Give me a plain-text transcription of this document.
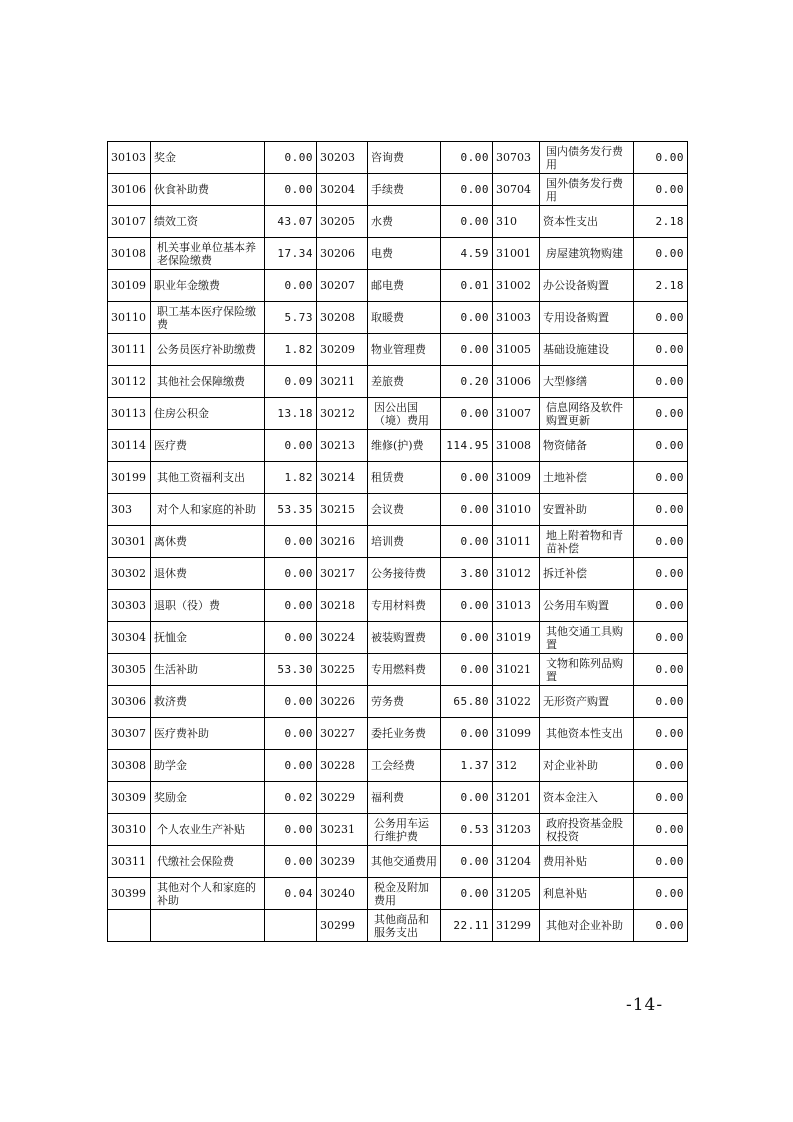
30103	奖金	0.00	30203	咨询费	0.00	30703	国内债务发行费用	0.00
30106	伙食补助费	0.00	30204	手续费	0.00	30704	国外债务发行费用	0.00
30107	绩效工资	43.07	30205	水费	0.00	310	资本性支出	2.18
30108	机关事业单位基本养老保险缴费	17.34	30206	电费	4.59	31001	房屋建筑物购建	0.00
30109	职业年金缴费	0.00	30207	邮电费	0.01	31002	办公设备购置	2.18
30110	职工基本医疗保险缴费	5.73	30208	取暖费	0.00	31003	专用设备购置	0.00
30111	公务员医疗补助缴费	1.82	30209	物业管理费	0.00	31005	基础设施建设	0.00
30112	其他社会保障缴费	0.09	30211	差旅费	0.20	31006	大型修缮	0.00
30113	住房公积金	13.18	30212	因公出国（境）费用	0.00	31007	信息网络及软件购置更新	0.00
30114	医疗费	0.00	30213	维修(护)费	114.95	31008	物资储备	0.00
30199	其他工资福利支出	1.82	30214	租赁费	0.00	31009	土地补偿	0.00
303	对个人和家庭的补助	53.35	30215	会议费	0.00	31010	安置补助	0.00
30301	离休费	0.00	30216	培训费	0.00	31011	地上附着物和青苗补偿	0.00
30302	退休费	0.00	30217	公务接待费	3.80	31012	拆迁补偿	0.00
30303	退职（役）费	0.00	30218	专用材料费	0.00	31013	公务用车购置	0.00
30304	抚恤金	0.00	30224	被装购置费	0.00	31019	其他交通工具购置	0.00
30305	生活补助	53.30	30225	专用燃料费	0.00	31021	文物和陈列品购置	0.00
30306	救济费	0.00	30226	劳务费	65.80	31022	无形资产购置	0.00
30307	医疗费补助	0.00	30227	委托业务费	0.00	31099	其他资本性支出	0.00
30308	助学金	0.00	30228	工会经费	1.37	312	对企业补助	0.00
30309	奖励金	0.02	30229	福利费	0.00	31201	资本金注入	0.00
30310	个人农业生产补贴	0.00	30231	公务用车运行维护费	0.53	31203	政府投资基金股权投资	0.00
30311	代缴社会保险费	0.00	30239	其他交通费用	0.00	31204	费用补贴	0.00
30399	其他对个人和家庭的补助	0.04	30240	税金及附加费用	0.00	31205	利息补贴	0.00
			30299	其他商品和服务支出	22.11	31299	其他对企业补助	0.00
-14-
